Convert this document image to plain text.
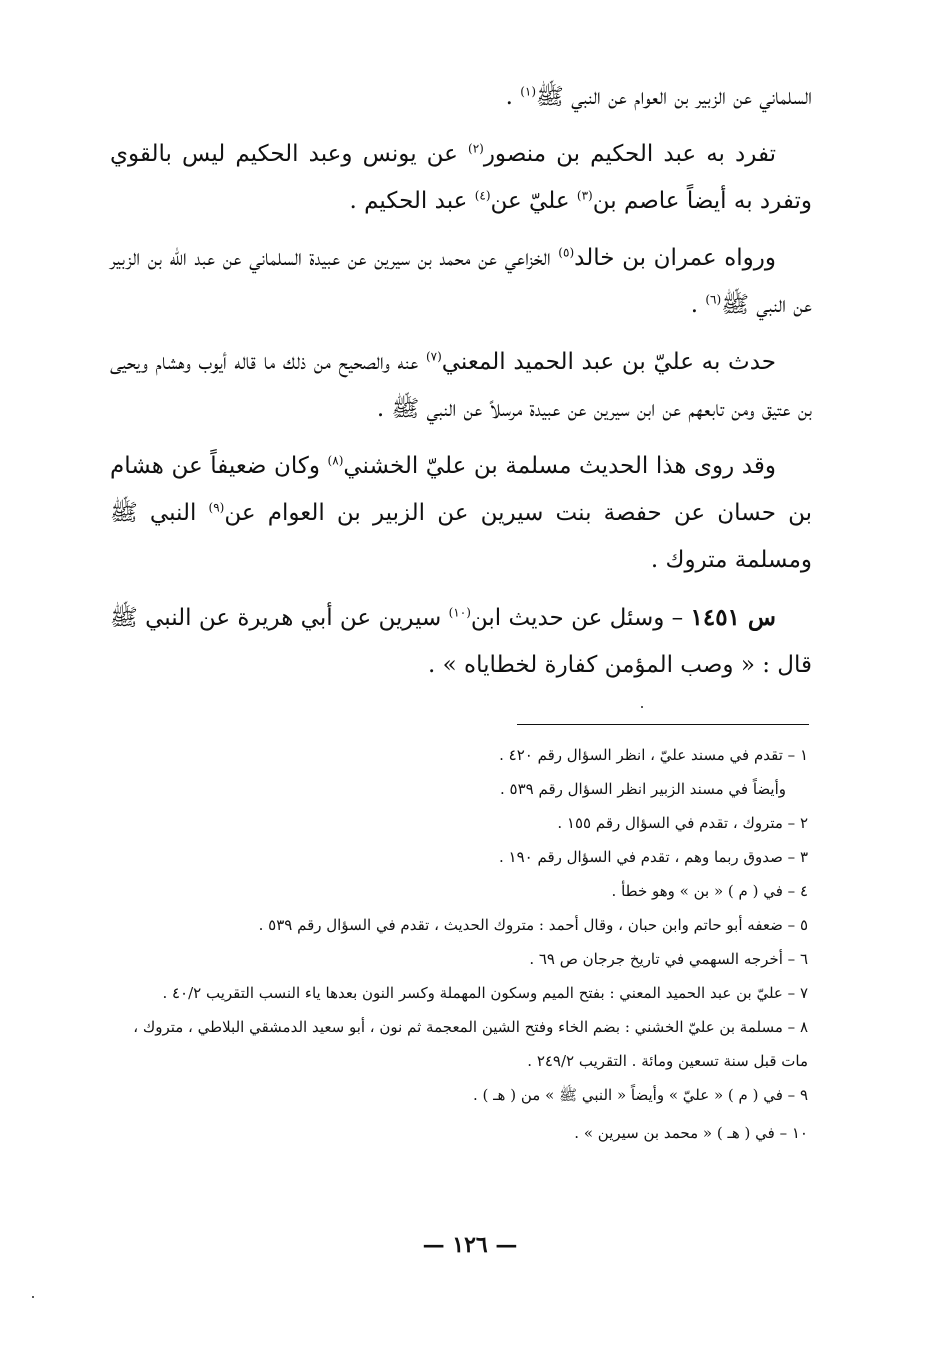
السلماني عن الزبير بن العوام عن النبي ﷺ$^{(١)}$ .

تفرد به عبد الحكيم بن منصور$^{(٢)}$ عن يونس وعبد الحكيم ليس بالقوي وتفرد به أيضاً عاصم بن$^{(٣)}$ عليّ عن$^{(٤)}$ عبد الحكيم .

ورواه عمران بن خالد$^{(٥)}$ الخزاعي عن محمد بن سيرين عن عبيدة السلماني عن عبد الله بن الزبير عن النبي ﷺ$^{(٦)}$ .

حدث به عليّ بن عبد الحميد المعني$^{(٧)}$ عنه والصحيح من ذلك ما قاله أيوب وهشام ويحيى بن عتيق ومن تابعهم عن ابن سيرين عن عبيدة مرسلاً عن النبي ﷺ .

وقد روى هذا الحديث مسلمة بن عليّ الخشني$^{(٨)}$ وكان ضعيفاً عن هشام بن حسان عن حفصة بنت سيرين عن الزبير بن العوام عن$^{(٩)}$ النبي ﷺ ومسلمة متروك .

س ١٤٥١ – وسئل عن حديث ابن$^{(١٠)}$ سيرين عن أبي هريرة عن النبي ﷺ قال : « وصب المؤمن كفارة لخطاياه » .

١ – تقدم في مسند عليّ ، انظر السؤال رقم ٤٢٠ .

وأيضاً في مسند الزبير انظر السؤال رقم ٥٣٩ .

٢ – متروك ، تقدم في السؤال رقم ١٥٥ .

٣ – صدوق ربما وهم ، تقدم في السؤال رقم ١٩٠ .

٤ – في ( م ) « بن » وهو خطأ .

٥ – ضعفه أبو حاتم وابن حبان ، وقال أحمد : متروك الحديث ، تقدم في السؤال رقم ٥٣٩ .

٦ – أخرجه السهمي في تاريخ جرجان ص ٦٩ .

٧ – عليّ بن عبد الحميد المعني : بفتح الميم وسكون المهملة وكسر النون بعدها ياء النسب التقريب ٤٠/٢ .

٨ – مسلمة بن عليّ الخشني : بضم الخاء وفتح الشين المعجمة ثم نون ، أبو سعيد الدمشقي البلاطي ، متروك ، مات قبل سنة تسعين ومائة . التقريب ٢٤٩/٢ .

٩ – في ( م ) « عليّ » وأيضاً « النبي ﷺ » من ( هـ ) .

١٠ – في ( هـ ) « محمد بن سيرين » .

— ١٢٦ —
